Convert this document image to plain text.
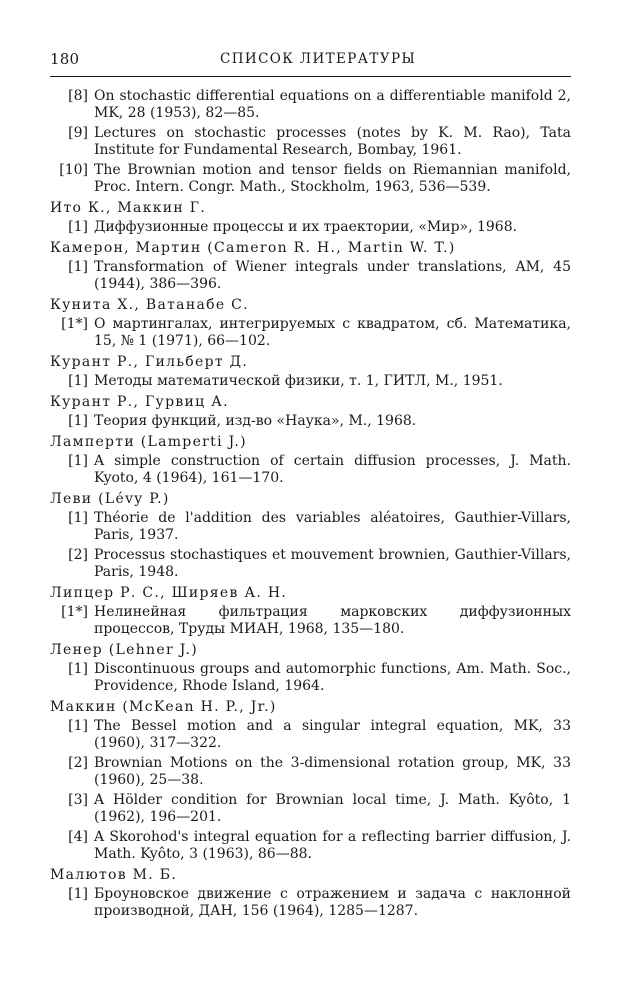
180	СПИСОК ЛИТЕРАТУРЫ
[8] On stochastic differential equations on a differentiable manifold 2, MK, 28 (1953), 82—85.
[9] Lectures on stochastic processes (notes by K. M. Rao), Tata Institute for Fundamental Research, Bombay, 1961.
[10] The Brownian motion and tensor fields on Riemannian manifold, Proc. Intern. Congr. Math., Stockholm, 1963, 536—539.
Ито К., Маккин Г.
[1] Диффузионные процессы и их траектории, «Мир», 1968.
Камерон, Мартин (Cameron R. H., Martin W. T.)
[1] Transformation of Wiener integrals under translations, AM, 45 (1944), 386—396.
Кунита Х., Ватанабе С.
[1*] О мартингалах, интегрируемых с квадратом, сб. Математика, 15, № 1 (1971), 66—102.
Курант Р., Гильберт Д.
[1] Методы математической физики, т. 1, ГИТЛ, М., 1951.
Курант Р., Гурвиц А.
[1] Теория функций, изд-во «Наука», М., 1968.
Ламперти (Lamperti J.)
[1] A simple construction of certain diffusion processes, J. Math. Kyoto, 4 (1964), 161—170.
Леви (Lévy P.)
[1] Théorie de l'addition des variables aléatoires, Gauthier-Villars, Paris, 1937.
[2] Processus stochastiques et mouvement brownien, Gauthier-Villars, Paris, 1948.
Липцер Р. С., Ширяев А. Н.
[1*] Нелинейная фильтрация марковских диффузионных процессов, Труды МИАН, 1968, 135—180.
Ленер (Lehner J.)
[1] Discontinuous groups and automorphic functions, Am. Math. Soc., Providence, Rhode Island, 1964.
Маккин (McKean H. P., Jr.)
[1] The Bessel motion and a singular integral equation, MK, 33 (1960), 317—322.
[2] Brownian Motions on the 3-dimensional rotation group, MK, 33 (1960), 25—38.
[3] A Hölder condition for Brownian local time, J. Math. Kyôto, 1 (1962), 196—201.
[4] A Skorohod's integral equation for a reflecting barrier diffusion, J. Math. Kyôto, 3 (1963), 86—88.
Малютов М. Б.
[1] Броуновское движение с отражением и задача с наклонной производной, ДАН, 156 (1964), 1285—1287.
